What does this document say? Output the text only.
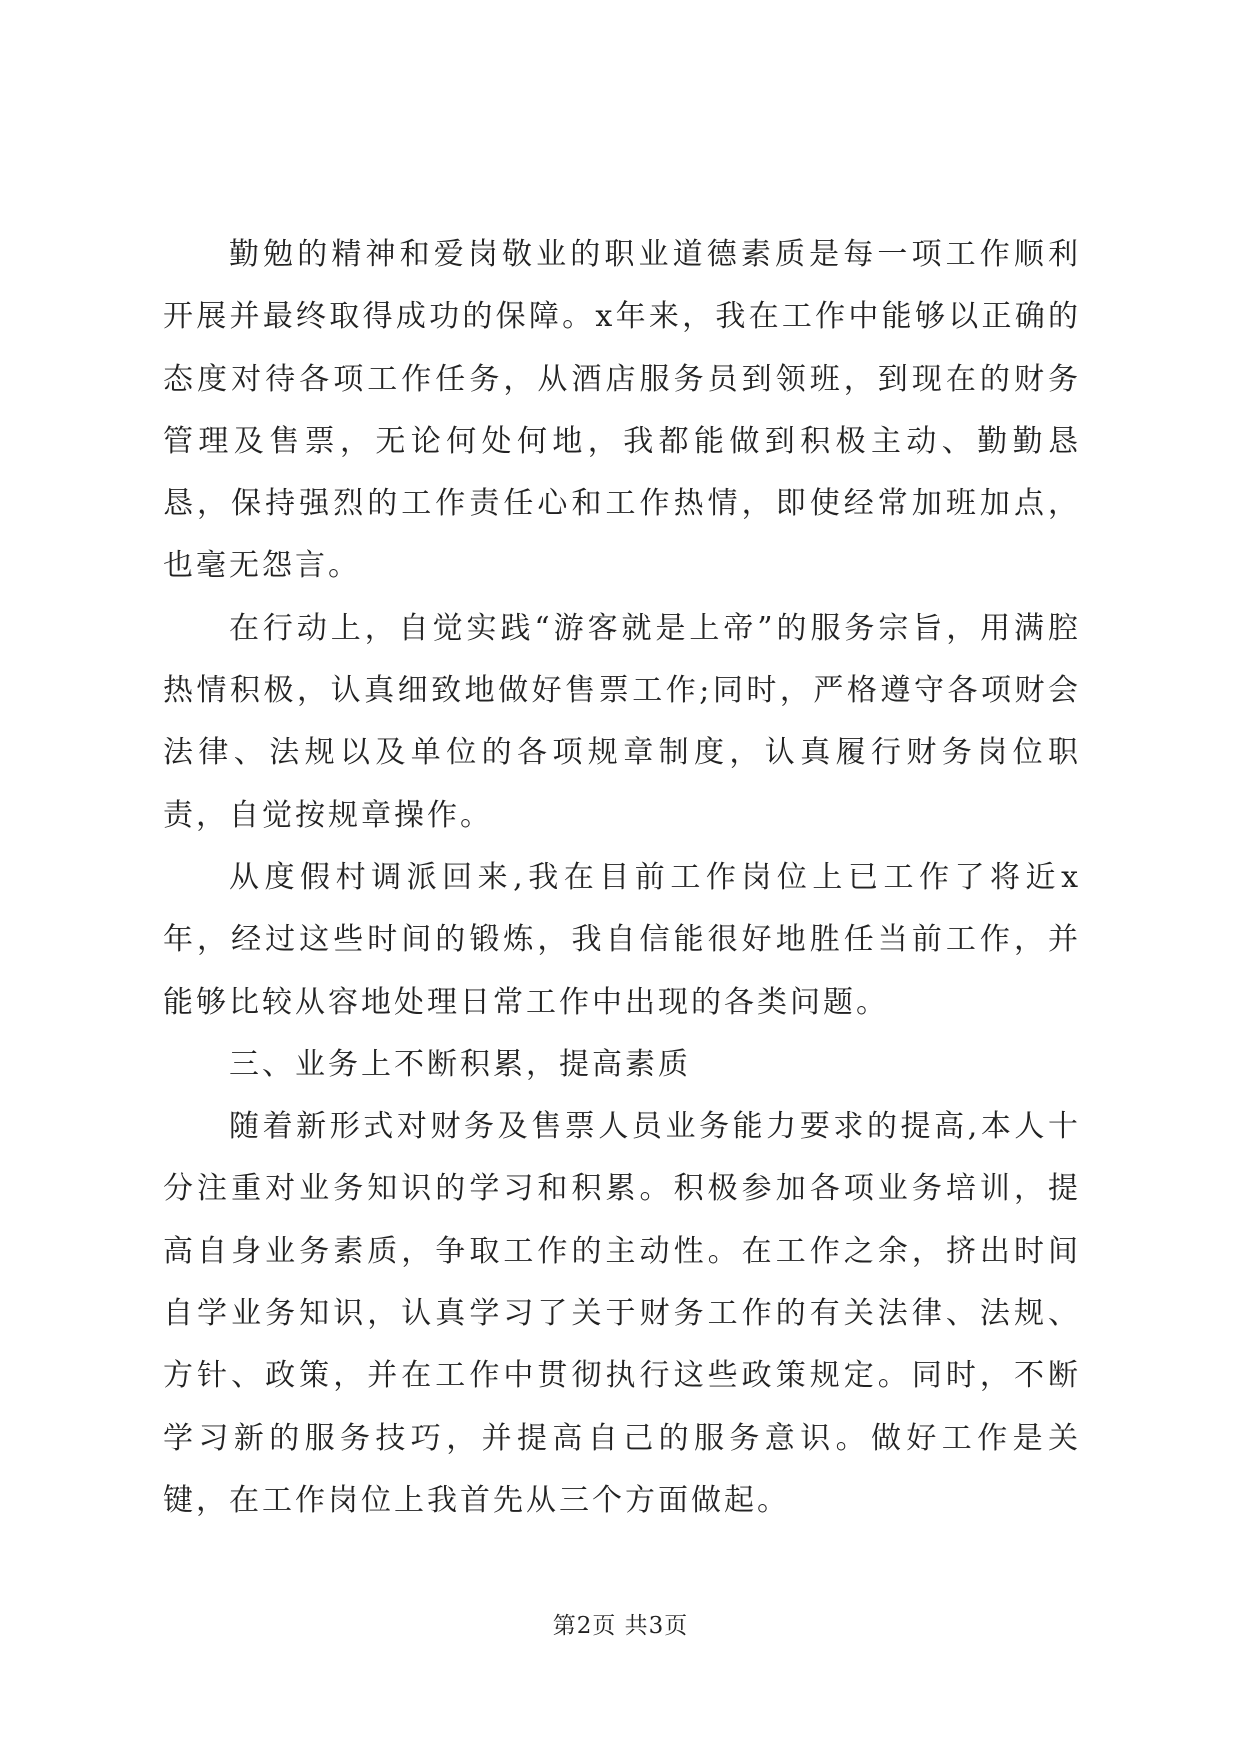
勤勉的精神和爱岗敬业的职业道德素质是每一项工作顺利开展并最终取得成功的保障。x年来，我在工作中能够以正确的态度对待各项工作任务，从酒店服务员到领班，到现在的财务管理及售票，无论何处何地，我都能做到积极主动、勤勤恳恳，保持强烈的工作责任心和工作热情，即使经常加班加点，也毫无怨言。

在行动上，自觉实践“游客就是上帝”的服务宗旨，用满腔热情积极，认真细致地做好售票工作;同时，严格遵守各项财会法律、法规以及单位的各项规章制度，认真履行财务岗位职责，自觉按规章操作。

从度假村调派回来,我在目前工作岗位上已工作了将近x年，经过这些时间的锻炼，我自信能很好地胜任当前工作，并能够比较从容地处理日常工作中出现的各类问题。

三、业务上不断积累，提高素质

随着新形式对财务及售票人员业务能力要求的提高,本人十分注重对业务知识的学习和积累。积极参加各项业务培训，提高自身业务素质，争取工作的主动性。在工作之余，挤出时间自学业务知识，认真学习了关于财务工作的有关法律、法规、方针、政策，并在工作中贯彻执行这些政策规定。同时，不断学习新的服务技巧，并提高自己的服务意识。做好工作是关键，在工作岗位上我首先从三个方面做起。

第2页 共3页
